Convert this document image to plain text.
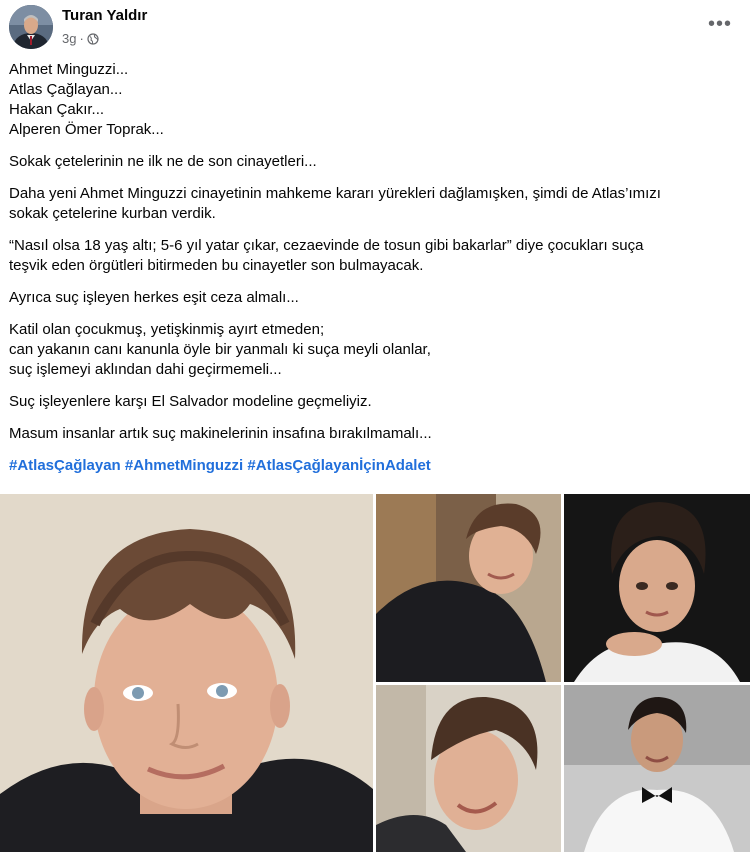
Turan Yaldır
3g ·
•••
Ahmet Minguzzi...
Atlas Çağlayan...
Hakan Çakır...
Alperen Ömer Toprak...
Sokak çetelerinin ne ilk ne de son cinayetleri...
Daha yeni Ahmet Minguzzi cinayetinin mahkeme kararı yürekleri dağlamışken, şimdi de Atlas’ımızı
sokak çetelerine kurban verdik.
“Nasıl olsa 18 yaş altı; 5-6 yıl yatar çıkar, cezaevinde de tosun gibi bakarlar” diye çocukları suça
teşvik eden örgütleri bitirmeden bu cinayetler son bulmayacak.
Ayrıca suç işleyen herkes eşit ceza almalı...
Katil olan çocukmuş, yetişkinmiş ayırt etmeden;
can yakanın canı kanunla öyle bir yanmalı ki suça meyli olanlar,
suç işlemeyi aklından dahi geçirmemeli...
Suç işleyenlere karşı El Salvador modeline geçmeliyiz.
Masum insanlar artık suç makinelerinin insafına bırakılmamalı...
#AtlasÇağlayan #AhmetMinguzzi #AtlasÇağlayanİçinAdalet
